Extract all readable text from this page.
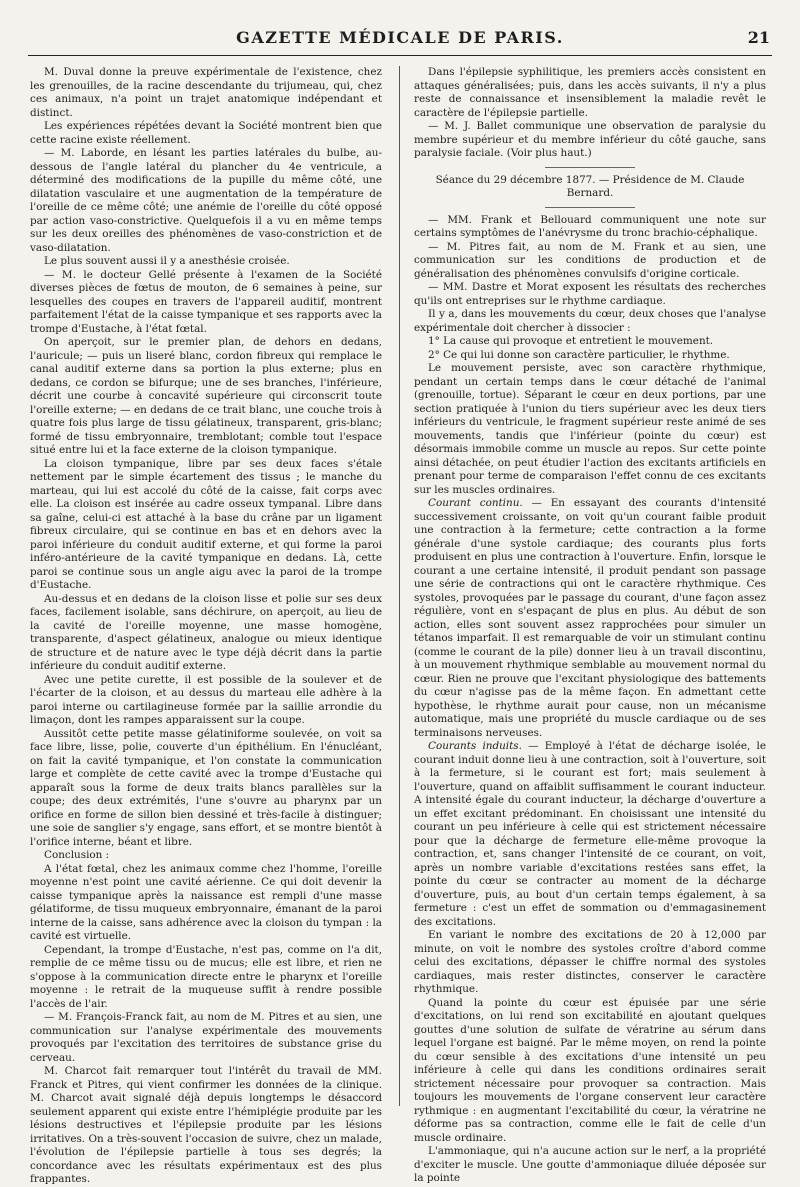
GAZETTE MÉDICALE DE PARIS.	21

M. Duval donne la preuve expérimentale de l'existence, chez les grenouilles, de la racine descendante du trijumeau, qui, chez ces animaux, n'a point un trajet anatomique indépendant et distinct.

Les expériences répétées devant la Société montrent bien que cette racine existe réellement.

— M. Laborde, en lésant les parties latérales du bulbe, au-dessous de l'angle latéral du plancher du 4e ventricule, a déterminé des modifications de la pupille du même côté, une dilatation vasculaire et une augmentation de la température de l'oreille de ce même côté; une anémie de l'oreille du côté opposé par action vaso-constrictive. Quelquefois il a vu en même temps sur les deux oreilles des phénomènes de vaso-constriction et de vaso-dilatation.

Le plus souvent aussi il y a anesthésie croisée.

— M. le docteur Gellé présente à l'examen de la Société diverses pièces de fœtus de mouton, de 6 semaines à peine, sur lesquelles des coupes en travers de l'appareil auditif, montrent parfaitement l'état de la caisse tympanique et ses rapports avec la trompe d'Eustache, à l'état fœtal.

On aperçoit, sur le premier plan, de dehors en dedans, l'auricule; — puis un liseré blanc, cordon fibreux qui remplace le canal auditif externe dans sa portion la plus externe; plus en dedans, ce cordon se bifurque; une de ses branches, l'inférieure, décrit une courbe à concavité supérieure qui circonscrit toute l'oreille externe; — en dedans de ce trait blanc, une couche trois à quatre fois plus large de tissu gélatineux, transparent, gris-blanc; formé de tissu embryonnaire, tremblotant; comble tout l'espace situé entre lui et la face externe de la cloison tympanique.

La cloison tympanique, libre par ses deux faces s'étale nettement par le simple écartement des tissus ; le manche du marteau, qui lui est accolé du côté de la caisse, fait corps avec elle. La cloison est insérée au cadre osseux tympanal. Libre dans sa gaîne, celui-ci est attaché à la base du crâne par un ligament fibreux circulaire, qui se continue en bas et en dehors avec la paroi inférieure du conduit auditif externe, et qui forme la paroi inféro-antérieure de la cavité tympanique en dedans. Là, cette paroi se continue sous un angle aigu avec la paroi de la trompe d'Eustache.

Au-dessus et en dedans de la cloison lisse et polie sur ses deux faces, facilement isolable, sans déchirure, on aperçoit, au lieu de la cavité de l'oreille moyenne, une masse homogène, transparente, d'aspect gélatineux, analogue ou mieux identique de structure et de nature avec le type déjà décrit dans la partie inférieure du conduit auditif externe.

Avec une petite curette, il est possible de la soulever et de l'écarter de la cloison, et au dessus du marteau elle adhère à la paroi interne ou cartilagineuse formée par la saillie arrondie du limaçon, dont les rampes apparaissent sur la coupe.

Aussitôt cette petite masse gélatiniforme soulevée, on voit sa face libre, lisse, polie, couverte d'un épithélium. En l'énucléant, on fait la cavité tympanique, et l'on constate la communication large et complète de cette cavité avec la trompe d'Eustache qui apparaît sous la forme de deux traits blancs parallèles sur la coupe; des deux extrémités, l'une s'ouvre au pharynx par un orifice en forme de sillon bien dessiné et très-facile à distinguer; une soie de sanglier s'y engage, sans effort, et se montre bientôt à l'orifice interne, béant et libre.

Conclusion :

A l'état fœtal, chez les animaux comme chez l'homme, l'oreille moyenne n'est point une cavité aérienne. Ce qui doit devenir la caisse tympanique après la naissance est rempli d'une masse gélatiforme, de tissu muqueux embryonnaire, émanant de la paroi interne de la caisse, sans adhérence avec la cloison du tympan : la cavité est virtuelle.

Cependant, la trompe d'Eustache, n'est pas, comme on l'a dit, remplie de ce même tissu ou de mucus; elle est libre, et rien ne s'oppose à la communication directe entre le pharynx et l'oreille moyenne : le retrait de la muqueuse suffit à rendre possible l'accès de l'air.

— M. François-Franck fait, au nom de M. Pitres et au sien, une communication sur l'analyse expérimentale des mouvements provoqués par l'excitation des territoires de substance grise du cerveau.

M. Charcot fait remarquer tout l'intérêt du travail de MM. Franck et Pitres, qui vient confirmer les données de la clinique. M. Charcot avait signalé déjà depuis longtemps le désaccord seulement apparent qui existe entre l'hémiplégie produite par les lésions destructives et l'épilepsie produite par les lésions irritatives. On a très-souvent l'occasion de suivre, chez un malade, l'évolution de l'épilepsie partielle à tous ses degrés; la concordance avec les résultats expérimentaux est des plus frappantes.

Dans l'épilepsie syphilitique, les premiers accès consistent en attaques généralisées; puis, dans les accès suivants, il n'y a plus reste de connaissance et insensiblement la maladie revêt le caractère de l'épilepsie partielle.

— M. J. Ballet communique une observation de paralysie du membre supérieur et du membre inférieur du côté gauche, sans paralysie faciale. (Voir plus haut.)

Séance du 29 décembre 1877. — Présidence de M. Claude Bernard.

— MM. Frank et Bellouard communiquent une note sur certains symptômes de l'anévrysme du tronc brachio-céphalique.

— M. Pitres fait, au nom de M. Frank et au sien, une communication sur les conditions de production et de généralisation des phénomènes convulsifs d'origine corticale.

— MM. Dastre et Morat exposent les résultats des recherches qu'ils ont entreprises sur le rhythme cardiaque.

Il y a, dans les mouvements du cœur, deux choses que l'analyse expérimentale doit chercher à dissocier :

1° La cause qui provoque et entretient le mouvement.

2° Ce qui lui donne son caractère particulier, le rhythme.

Le mouvement persiste, avec son caractère rhythmique, pendant un certain temps dans le cœur détaché de l'animal (grenouille, tortue). Séparant le cœur en deux portions, par une section pratiquée à l'union du tiers supérieur avec les deux tiers inférieurs du ventricule, le fragment supérieur reste animé de ses mouvements, tandis que l'inférieur (pointe du cœur) est désormais immobile comme un muscle au repos. Sur cette pointe ainsi détachée, on peut étudier l'action des excitants artificiels en prenant pour terme de comparaison l'effet connu de ces excitants sur les muscles ordinaires.

Courant continu. — En essayant des courants d'intensité successivement croissante, on voit qu'un courant faible produit une contraction à la fermeture; cette contraction a la forme générale d'une systole cardiaque; des courants plus forts produisent en plus une contraction à l'ouverture. Enfin, lorsque le courant a une certaine intensité, il produit pendant son passage une série de contractions qui ont le caractère rhythmique. Ces systoles, provoquées par le passage du courant, d'une façon assez régulière, vont en s'espaçant de plus en plus. Au début de son action, elles sont souvent assez rapprochées pour simuler un tétanos imparfait. Il est remarquable de voir un stimulant continu (comme le courant de la pile) donner lieu à un travail discontinu, à un mouvement rhythmique semblable au mouvement normal du cœur. Rien ne prouve que l'excitant physiologique des battements du cœur n'agisse pas de la même façon. En admettant cette hypothèse, le rhythme aurait pour cause, non un mécanisme automatique, mais une propriété du muscle cardiaque ou de ses terminaisons nerveuses.

Courants induits. — Employé à l'état de décharge isolée, le courant induit donne lieu à une contraction, soit à l'ouverture, soit à la fermeture, si le courant est fort; mais seulement à l'ouverture, quand on affaiblit suffisamment le courant inducteur. A intensité égale du courant inducteur, la décharge d'ouverture a un effet excitant prédominant. En choisissant une intensité du courant un peu inférieure à celle qui est strictement nécessaire pour que la décharge de fermeture elle-même provoque la contraction, et, sans changer l'intensité de ce courant, on voit, après un nombre variable d'excitations restées sans effet, la pointe du cœur se contracter au moment de la décharge d'ouverture, puis, au bout d'un certain temps également, à sa fermeture : c'est un effet de sommation ou d'emmagasinement des excitations.

En variant le nombre des excitations de 20 à 12,000 par minute, on voit le nombre des systoles croître d'abord comme celui des excitations, dépasser le chiffre normal des systoles cardiaques, mais rester distinctes, conserver le caractère rhythmique.

Quand la pointe du cœur est épuisée par une série d'excitations, on lui rend son excitabilité en ajoutant quelques gouttes d'une solution de sulfate de vératrine au sérum dans lequel l'organe est baigné. Par le même moyen, on rend la pointe du cœur sensible à des excitations d'une intensité un peu inférieure à celle qui dans les conditions ordinaires serait strictement nécessaire pour provoquer sa contraction. Mais toujours les mouvements de l'organe conservent leur caractère rythmique : en augmentant l'excitabilité du cœur, la vératrine ne déforme pas sa contraction, comme elle le fait de celle d'un muscle ordinaire.

L'ammoniaque, qui n'a aucune action sur le nerf, a la propriété d'exciter le muscle. Une goutte d'ammoniaque diluée déposée sur la pointe
